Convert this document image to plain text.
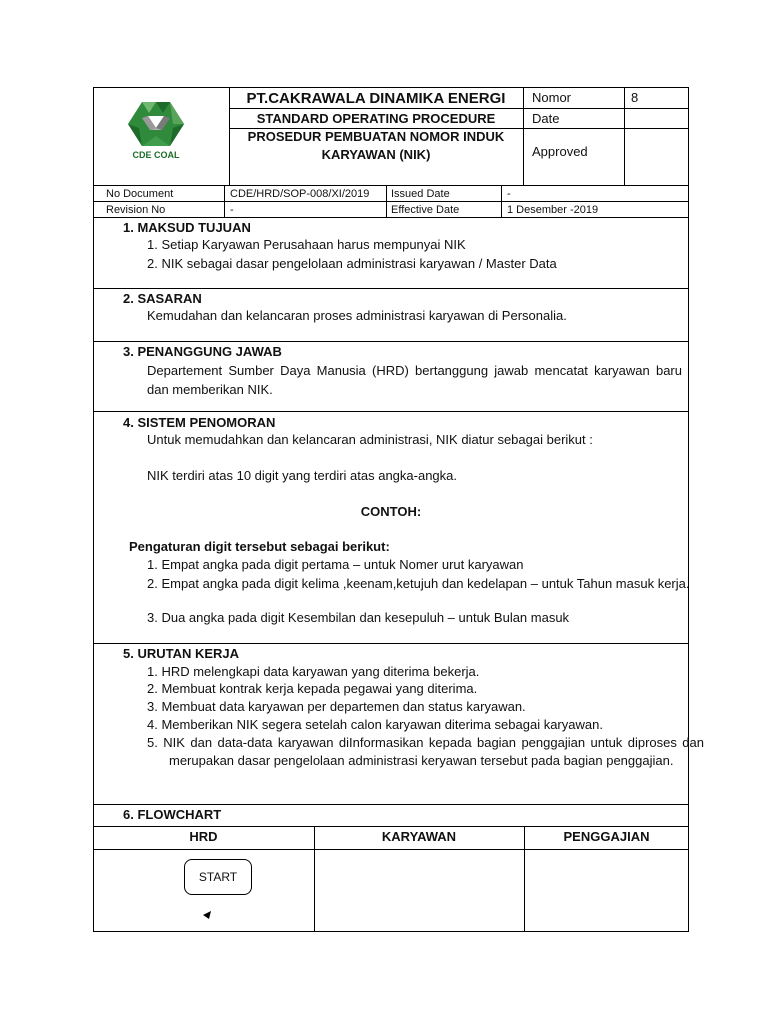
CDE COAL
PT.CAKRAWALA DINAMIKA ENERGI
STANDARD OPERATING PROCEDURE
PROSEDUR PEMBUATAN NOMOR INDUK
KARYAWAN (NIK)
Nomor	8
Date
Approved
No Document	CDE/HRD/SOP-008/XI/2019 Issued Date	-
Revision No	-	Effective Date	1 Desember -2019
1. MAKSUD TUJUAN
1. Setiap Karyawan Perusahaan harus mempunyai NIK
2. NIK sebagai dasar pengelolaan administrasi karyawan / Master Data
2. SASARAN
Kemudahan dan kelancaran proses administrasi karyawan di Personalia.
3. PENANGGUNG JAWAB
Departement Sumber Daya Manusia (HRD) bertanggung jawab mencatat karyawan baru dan memberikan NIK.
4. SISTEM PENOMORAN
Untuk memudahkan dan kelancaran administrasi, NIK diatur sebagai berikut :
NIK terdiri atas 10 digit yang terdiri atas angka-angka.
CONTOH:
Pengaturan digit tersebut sebagai berikut:
1. Empat angka pada digit pertama – untuk Nomer urut karyawan
2. Empat angka pada digit kelima ,keenam,ketujuh dan kedelapan – untuk Tahun masuk kerja.
3. Dua angka pada digit Kesembilan dan kesepuluh – untuk Bulan masuk
5. URUTAN KERJA
1. HRD melengkapi data karyawan yang diterima bekerja.
2. Membuat kontrak kerja kepada pegawai yang diterima.
3. Membuat data karyawan per departemen dan status karyawan.
4. Memberikan NIK segera setelah calon karyawan diterima sebagai karyawan.
5. NIK dan data-data karyawan diInformasikan kepada bagian penggajian untuk diproses dan merupakan dasar pengelolaan administrasi keryawan tersebut pada bagian penggajian.
6. FLOWCHART
HRD	KARYAWAN	PENGGAJIAN
START
